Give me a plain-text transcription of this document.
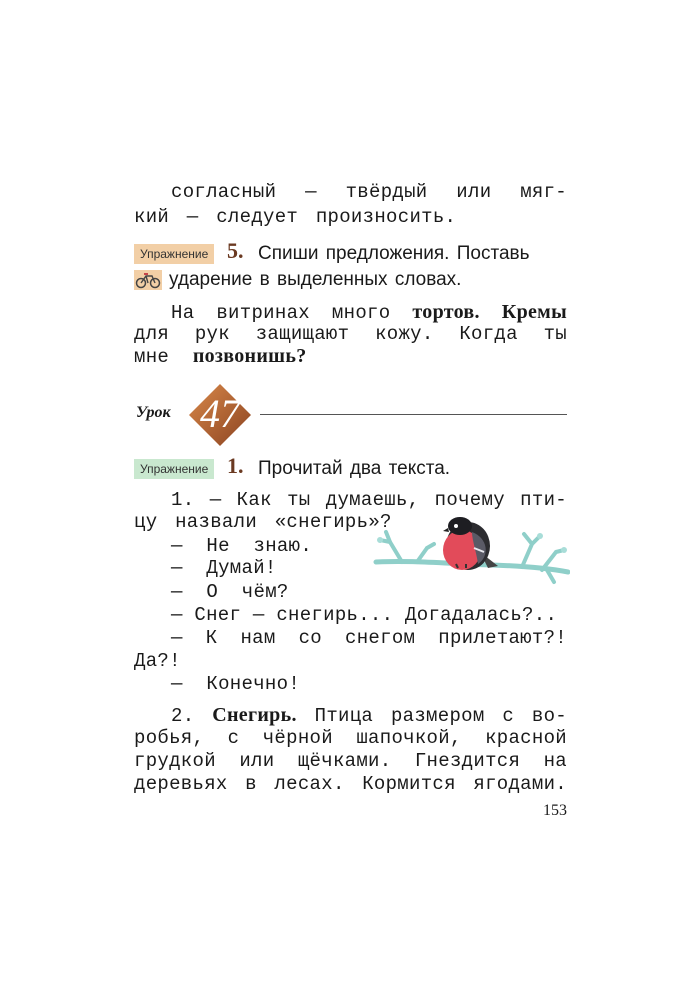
согласный — твёрдый или мяг-
кий — следует произносить.
Упражнение 5. Спиши предложения. Поставь
ударение в выделенных словах.
На витринах много тортов. Кремы
для рук защищают кожу. Когда ты
мне позвонишь?
Урок 47
Упражнение 1. Прочитай два текста.
1. — Как ты думаешь, почему пти-
цу назвали «снегирь»?
— Не знаю.
— Думай!
— О чём?
— Снег — снегирь... Догадалась?..
— К нам со снегом прилетают?!
Да?!
— Конечно!
2. Снегирь. Птица размером с во-
робья, с чёрной шапочкой, красной
грудкой или щёчками. Гнездится на
деревьях в лесах. Кормится ягодами.
153
